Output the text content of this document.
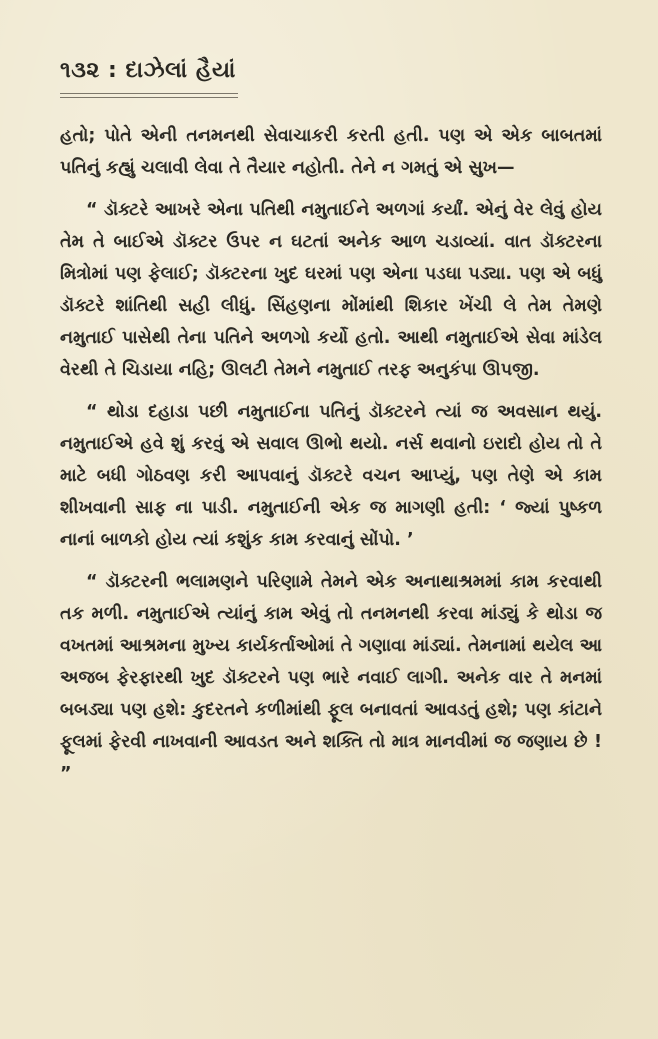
૧૩૨ : દાઝેલાં હૈયાં

હતો; પોતે એની તનમનથી સેવાચાકરી કરતી હતી. પણ એ એક બાબતમાં પતિનું કહ્યું ચલાવી લેવા તે તૈયાર નહોતી. તેને ન ગમતું એ સુખ—

“ ડૉક્ટરે આખરે એના પતિથી નમુતાઈને અળગાં કર્યાં. એનું વેર લેવું હોય તેમ તે બાઈએ ડૉક્ટર ઉપર ન ઘટતાં અનેક આળ ચડાવ્યાં. વાત ડૉક્ટરના મિત્રોમાં પણ ફેલાઈ; ડૉક્ટરના ખુદ ઘરમાં પણ એના પડઘા પડ્યા. પણ એ બધું ડૉક્ટરે શાંતિથી સહી લીધું. સિંહણના મોંમાંથી શિકાર ખેંચી લે તેમ તેમણે નમુતાઈ પાસેથી તેના પતિને અળગો કર્યો હતો. આથી નમુતાઈએ સેવા માંડેલ વેરથી તે ચિડાયા નહિ; ઊલટી તેમને નમુતાઈ તરફ અનુકંપા ઊપજી.

“ થોડા દહાડા પછી નમુતાઈના પતિનું ડૉક્ટરને ત્યાં જ અવસાન થયું. નમુતાઈએ હવે શું કરવું એ સવાલ ઊભો થયો. નર્સ થવાનો ઇરાદો હોય તો તે માટે બધી ગોઠવણ કરી આપવાનું ડૉક્ટરે વચન આપ્યું, પણ તેણે એ કામ શીખવાની સાફ ના પાડી. નમુતાઈની એક જ માગણી હતી: ‘ જ્યાં પુષ્કળ નાનાં બાળકો હોય ત્યાં કશુંક કામ કરવાનું સોંપો. ’

“ ડૉક્ટરની ભલામણને પરિણામે તેમને એક અનાથાશ્રમમાં કામ કરવાથી તક મળી. નમુતાઈએ ત્યાંનું કામ એવું તો તનમનથી કરવા માંડ્યું કે થોડા જ વખતમાં આશ્રમના મુખ્ય કાર્યકર્તાઓમાં તે ગણાવા માંડ્યાં. તેમનામાં થયેલ આ અજબ ફેરફારથી ખુદ ડૉક્ટરને પણ ભારે નવાઈ લાગી. અનેક વાર તે મનમાં બબડ્યા પણ હશે: કુદરતને કળીમાંથી ફૂલ બનાવતાં આવડતું હશે; પણ કાંટાને ફૂલમાં ફેરવી નાખવાની આવડત અને શક્તિ તો માત્ર માનવીમાં જ જણાય છે ! ”
